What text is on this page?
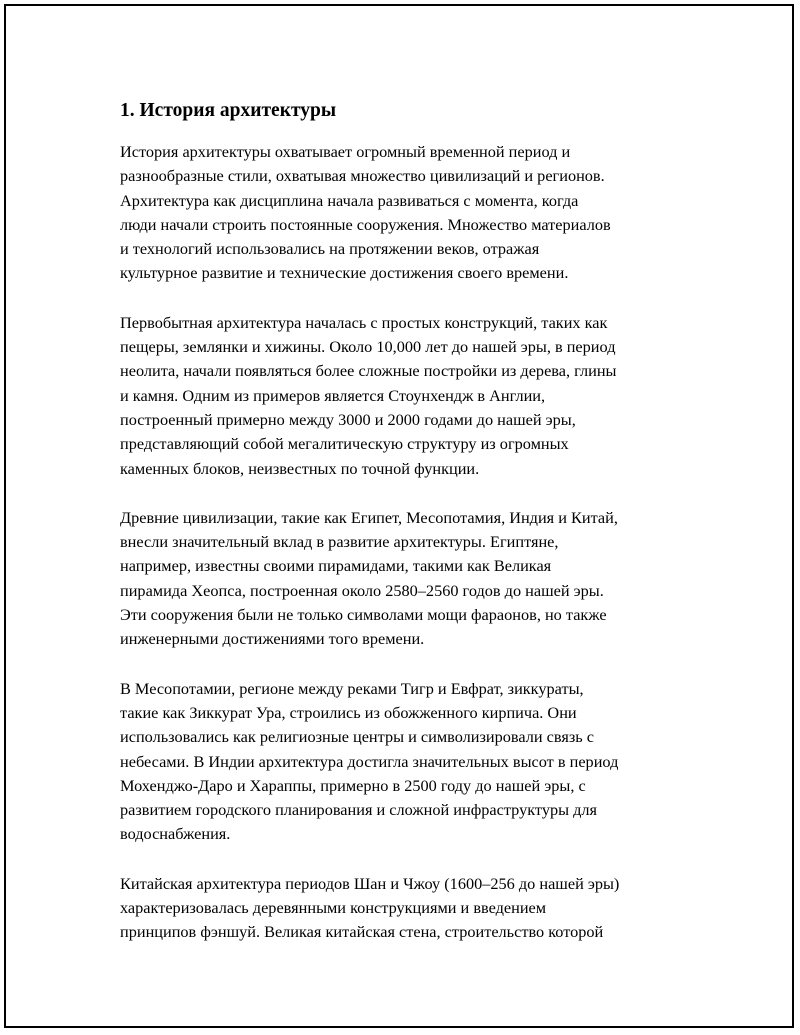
1. История архитектуры

История архитектуры охватывает огромный временной период и
разнообразные стили, охватывая множество цивилизаций и регионов.
Архитектура как дисциплина начала развиваться с момента, когда
люди начали строить постоянные сооружения. Множество материалов
и технологий использовались на протяжении веков, отражая
культурное развитие и технические достижения своего времени.

Первобытная архитектура началась с простых конструкций, таких как
пещеры, землянки и хижины. Около 10,000 лет до нашей эры, в период
неолита, начали появляться более сложные постройки из дерева, глины
и камня. Одним из примеров является Стоунхендж в Англии,
построенный примерно между 3000 и 2000 годами до нашей эры,
представляющий собой мегалитическую структуру из огромных
каменных блоков, неизвестных по точной функции.

Древние цивилизации, такие как Египет, Месопотамия, Индия и Китай,
внесли значительный вклад в развитие архитектуры. Египтяне,
например, известны своими пирамидами, такими как Великая
пирамида Хеопса, построенная около 2580–2560 годов до нашей эры.
Эти сооружения были не только символами мощи фараонов, но также
инженерными достижениями того времени.

В Месопотамии, регионе между реками Тигр и Евфрат, зиккураты,
такие как Зиккурат Ура, строились из обожженного кирпича. Они
использовались как религиозные центры и символизировали связь с
небесами. В Индии архитектура достигла значительных высот в период
Мохенджо-Даро и Хараппы, примерно в 2500 году до нашей эры, с
развитием городского планирования и сложной инфраструктуры для
водоснабжения.

Китайская архитектура периодов Шан и Чжоу (1600–256 до нашей эры)
характеризовалась деревянными конструкциями и введением
принципов фэншуй. Великая китайская стена, строительство которой
